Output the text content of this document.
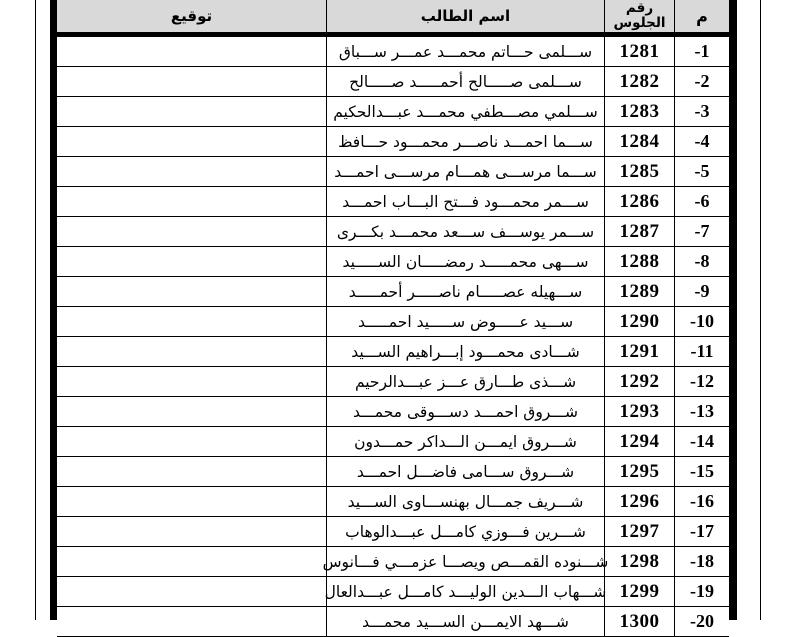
م
رقم
الجلوس
اسم الطالب
توقيع
-1
1281
ســـلمى حـــاتم محمـــد عمـــر ســـباق
-2
1282
ســـلمى صـــــالح أحمـــــد صـــــالح
-3
1283
ســـلمي مصـــطفي محمـــد عبـــدالحكيم
-4
1284
ســـما احمـــد ناصـــر محمـــود حـــافظ
-5
1285
ســـما مرســـى همـــام مرســـى احمـــد
-6
1286
ســـمر محمـــود فـــتح البـــاب احمـــد
-7
1287
ســـمر يوســـف ســـعد محمـــد بكـــرى
-8
1288
ســـهى محمـــــد رمضـــــان الســـــيد
-9
1289
ســـهيله عصـــــام ناصـــــر أحمـــــد
-10
1290
ســـيد عـــــوض ســـــيد احمـــــد
-11
1291
شـــادى محمـــود إبـــراهيم الســـيد
-12
1292
شـــذى طـــارق عـــز عبـــدالرحيم
-13
1293
شـــروق احمـــد دســـوقى محمـــد
-14
1294
شـــروق ايمـــن الـــداكر حمـــدون
-15
1295
شـــروق ســـامى فاضـــل احمـــد
-16
1296
شـــريف جمـــال بهنســـاوى الســـيد
-17
1297
شـــرين فـــوزي كامـــل عبـــدالوهاب
-18
1298
شـــنوده القمـــص ويصـــا عزمـــي فـــانوس
-19
1299
شـــهاب الـــدين الوليـــد كامـــل عبـــدالعال
-20
1300
شـــهد الايمـــن الســـيد محمـــد
